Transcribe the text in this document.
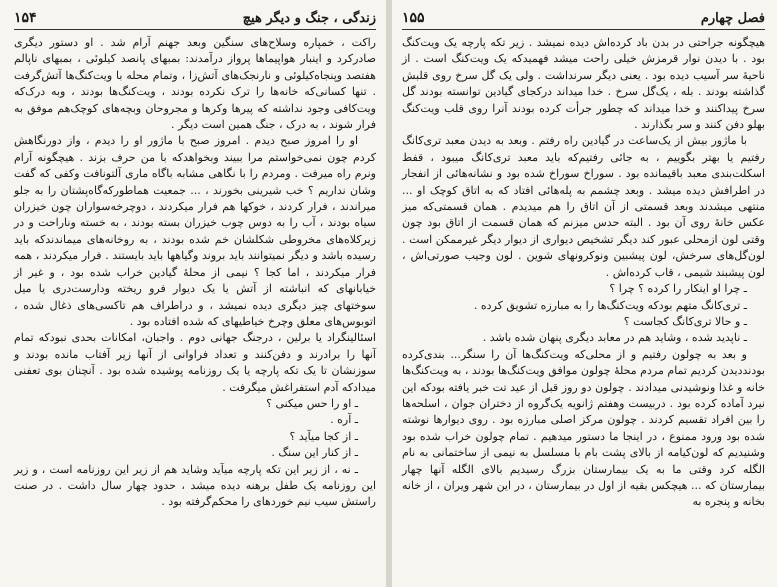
زندگی ، جنگ و دیگر هیچ
۱۵۴

راکت ، خمپاره وسلاح‌های سنگین وبعد جهنم آرام شد . او دستور دیگری صادرکرد و اینبار هواپیماها پرواز درآمدند: بمبهای پانصد کیلوئی ، بمبهای ناپالم هفتصد وپنجاه‌کیلوئی و نارنجک‌های آتش‌زا ، وتمام محله با ویت‌کنگ‌ها آتش‌گرفت . تنها کسانی‌که خانه‌ها را ترک نکرده بودند ، ویت‌کنگ‌ها بودند ، وبه درک‌که ویت‌کافی وجود نداشته که پیرها وکرها و مجروحان وبچه‌های کوچک‌هم موفق به فرار شوند ، به درک ، جنگ همین است دیگر .

او را امروز صبح دیدم . امروز صبح با ماژور او را دیدم ، واز دورنگاهش کردم چون نمی‌خواستم مرا ببیند وبخواهدکه با من حرف بزند . هیچگونه آرام ونرم راه میرفت . ومردم را با نگاهی مشابه باگاه ماری آلتونافت وکفی که گفت وشان نداریم ؟ خب شیرینی بخورند ، ... جمعیت هماطورکه‌گاه‌پشتان را به جلو میراندند ، فرار کردند ، خوکها هم فرار میکردند ، دوچرخه‌سواران چون خیزران سیاه بودند ، آب را به دوس چوب خیزران بسته بودند ، به خسته وناراحت و در زیرکلاه‌های مخروطی شکلشان خم شده بودند ، به روخانه‌های میماندندکه باید رسیده باشد و دیگر نمیتوانند باید بروند وگیاهها باید بایستند . فرار میکردند ، همه فرار میکردند ، اما کجا ؟ نیمی از محلهٔ گیادین خراب شده بود ، و غیر از خیابانهای که انباشته از آتش یا یک دیوار فرو ریخته ودارست‌دری یا میل سوختهای چیز دیگری دیده نمیشد ، و دراطراف هم تاکسی‌های ذغال شده ، اتوبوس‌های معلق وچرخ خیاطیهای که شده افتاده بود .

اسئالینگراد یا برلین ، درجنگ جهانی دوم . واجبان، امکانات بحدی نبودکه تمام آنها را برادرند و دفن‌کنند و تعداد فراوانی از آنها زیر آفتاب مانده بودند و سوزنشان تا یک تکه پارچه یا یک روزنامه پوشیده شده بود . آنچنان بوی تعفنی میدادکه آدم استفراغش میگرفت .

ـ او را حس میکنی ؟
ـ آره .
ـ از کجا میآید ؟
ـ از کنار این سنگ .

ـ نه ، از زیر این تکه پارچه میآید وشاید هم از زیر این روزنامه است ، و زیر این روزنامه یک طفل برهنه دیده میشد ، حدود چهار سال داشت . در صنت راستش سیب نیم خوردهای را محکم‌گرفته بود .

فصل چهارم
۱۵۵

هیچگونه جراحتی در بدن باد کرده‌اش دیده نمیشد . زیر تکه پارچه یک ویت‌کنگ بود . با دیدن نوار قرمزش خیلی راحت میشد فهمیدکه یک ویت‌کنگ است . از ناحیهٔ سر آسیب دیده بود . یعنی دیگر سرنداشت . ولی یک گل سرخ روی قلبش گذاشته بودند . بله ، یک‌گل سرخ . خدا میداند درکجای گیادین توانسته بودند گل سرخ پیداکنند و خدا میداند که چطور جرأت کرده بودند آنرا روی قلب ویت‌کنگ بهلو دفن کنند و سر بگذارند .

با ماژور بیش از یک‌ساعت در گیادین راه رفتم . وبعد به دیدن معبد تری‌کانگ رفتیم یا بهتر بگوییم ، به جائی رفتیم‌که باید معبد تری‌کانگ میبود ، قفط اسکلت‌بندی معبد باقیمانده بود . سوراخ سوراخ شده بود و نشانه‌هائی از انفجار در اطرافش دیده میشد . وبعد چشمم به پله‌هائی افتاد که به اتاق کوچک او ... منتهی میشدند وبعد قسمتی از آن اتاق را هم میدیدم . همان قسمتی‌که میز عکس خانهٔ روی آن بود . البته حدس میزنم که همان قسمت از اتاق بود چون وقتی لون ازمحلی عبور کند دیگر تشخیص دیواری از دیوار دیگر غیرممکن است . لون‌گل‌های سرخش، لون پیشبین ونوکرونهای شوین . لون وجیب صورتی‌اش ، لون پیشبند شیمی ، قاب کرده‌اش .

ـ چرا او اینکار را کرده ؟ چرا ؟
ـ تری‌کانگ متهم بودکه ویت‌کنگ‌ها را به مبارزه تشویق کرده .
ـ و حالا تری‌کانگ کجاست ؟
ـ ناپدید شده ، وشاید هم در معابد دیگری پنهان شده باشد .

و بعد به چولون رفتیم و از محلی‌که ویت‌کنگ‌ها آن را سنگر... بندی‌کرده بودند‌دیدن کردیم تمام مردم محلهٔ چولون موافق ویت‌کنگ‌ها بودند ، به ویت‌کنگ‌ها خانه و غذا ونوشیدنی میدادند . چولون دو روز قبل از عید تت خبر یافته بود‌که این نیرد آماده کرده بود . دربیست وهفتم ژانویه یک‌گروه از دختران جوان ، اسلحه‌ها را بین افراد تقسیم کردند . چولون مرکز اصلی مبارزه بود . روی دیوارها نوشته شده بود ورود ممنوع ، در اینجا ما دستور میدهیم . تمام چولون خراب شده بود وشنیدیم که لون‌کیامه از بالای پشت بام با مسلسل به نیمی از ساختمانی به نام الگله کرد وقتی ما به یک بیمارستان بزرگ رسیدیم بالای الگله آنها چهار بیمارستان که ... هیچکس بقیه از اول در بیمارستان ، در این شهر ویران ، از خانه بخانه و پنجره به
